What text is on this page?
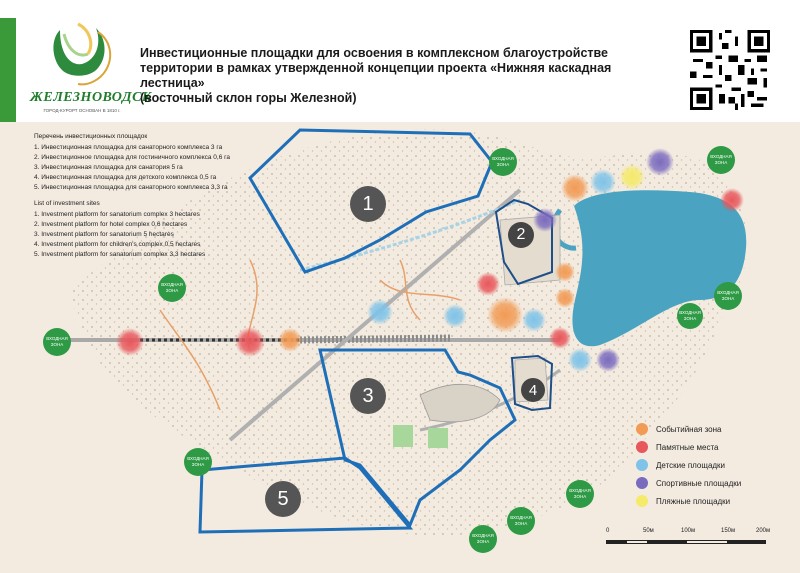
ЖЕЛЕЗНОВОДСК
ГОРОД-КУРОРТ ОСНОВАН В 1810 г.
Инвестиционные площадки для освоения в комплексном благоустройстве
территории в рамках утвержденной концепции проекта «Нижняя каскадная лестница»
(восточный склон горы Железной)
1
2
3	4
5
ВХОДНАЯ
ЗОНА
ВХОДНАЯ
ЗОНА
ВХОДНАЯ
ЗОНА	ВХОДНАЯ
ЗОНА
ВХОДНАЯ
ЗОНА
ВХОДНАЯ
ЗОНА
ВХОДНАЯ
ЗОНА
ВХОДНАЯ
ЗОНА
ВХОДНАЯ
ЗОНА
ВХОДНАЯ
ЗОНА
Перечень инвестиционных площадок
1. Инвестиционная площадка для санаторного комплекса 3 га
2. Инвестиционное площадка для гостиничного комплекса 0,6 га
3. Инвестиционная площадка для санатория 5 га
4. Инвестиционная площадка для детского комплекса 0,5 га
5. Инвестиционная площадка для санаторного комплекса 3,3 га
List of investment sites
1. Investment platform for sanatorium complex 3 hectares
2. Investment platform for hotel complex 0,6 hectares
3. Investment platform for sanatorium 5 hectares
4. Investment platform for children's complex 0,5 hectares
5. Investment platform for sanatorium complex 3,3 hectares
Событийная зона
Памятные места
Детские площадки
Спортивные площадки
Пляжные площадки
0	50м	100м	150м	200м
